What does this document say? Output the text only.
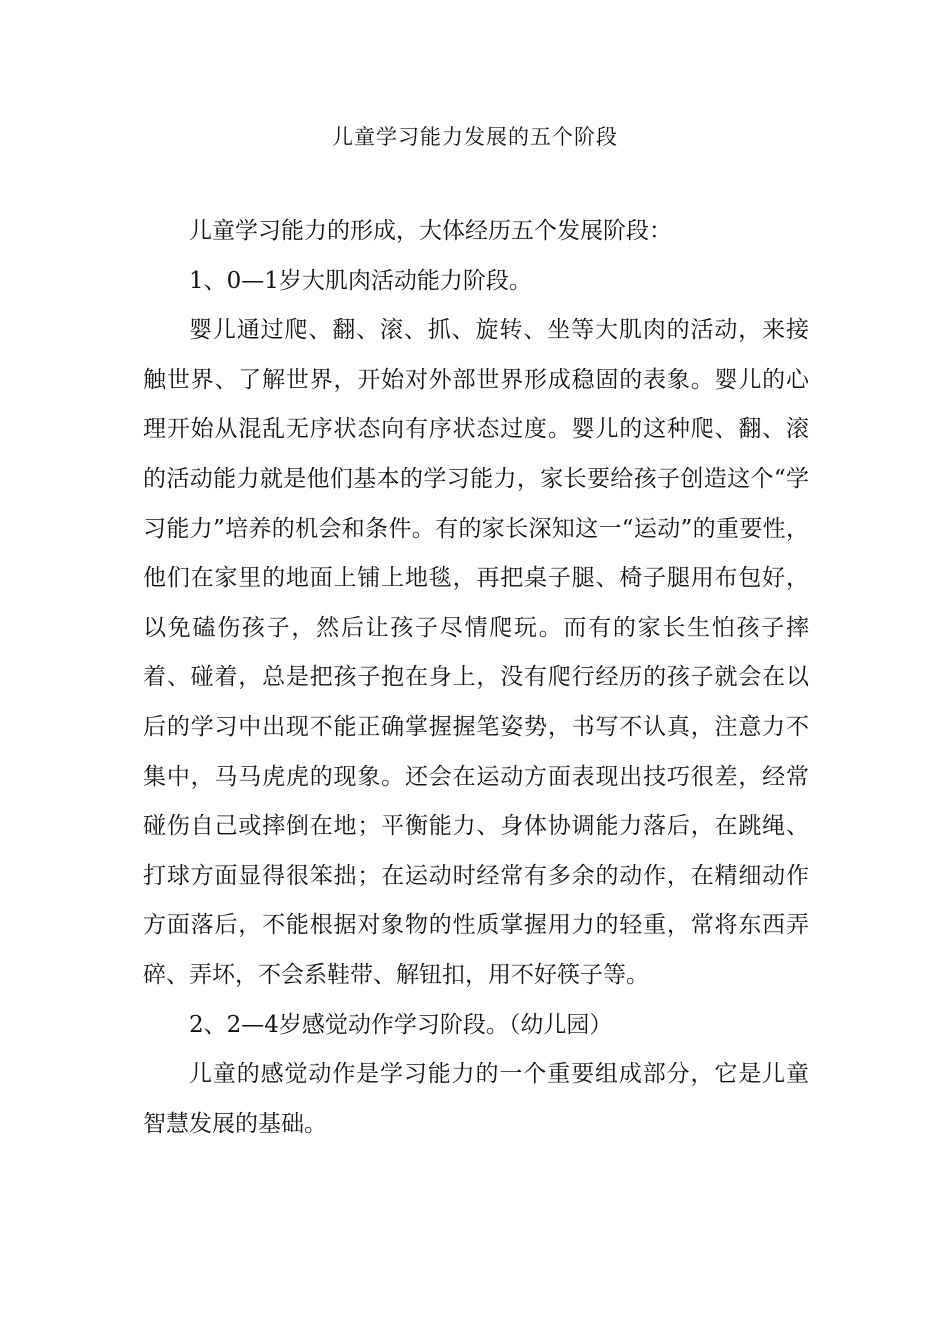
儿童学习能力发展的五个阶段

儿童学习能力的形成，大体经历五个发展阶段：

1、0—1岁大肌肉活动能力阶段。

婴儿通过爬、翻、滚、抓、旋转、坐等大肌肉的活动，来接触世界、了解世界，开始对外部世界形成稳固的表象。婴儿的心理开始从混乱无序状态向有序状态过度。婴儿的这种爬、翻、滚的活动能力就是他们基本的学习能力，家长要给孩子创造这个“学习能力”培养的机会和条件。有的家长深知这一“运动”的重要性，他们在家里的地面上铺上地毯，再把桌子腿、椅子腿用布包好，以免磕伤孩子，然后让孩子尽情爬玩。而有的家长生怕孩子摔着、碰着，总是把孩子抱在身上，没有爬行经历的孩子就会在以后的学习中出现不能正确掌握握笔姿势，书写不认真，注意力不集中，马马虎虎的现象。还会在运动方面表现出技巧很差，经常碰伤自己或摔倒在地；平衡能力、身体协调能力落后，在跳绳、打球方面显得很笨拙；在运动时经常有多余的动作，在精细动作方面落后，不能根据对象物的性质掌握用力的轻重，常将东西弄碎、弄坏，不会系鞋带、解钮扣，用不好筷子等。

2、2—4岁感觉动作学习阶段。（幼儿园）

儿童的感觉动作是学习能力的一个重要组成部分，它是儿童智慧发展的基础。
